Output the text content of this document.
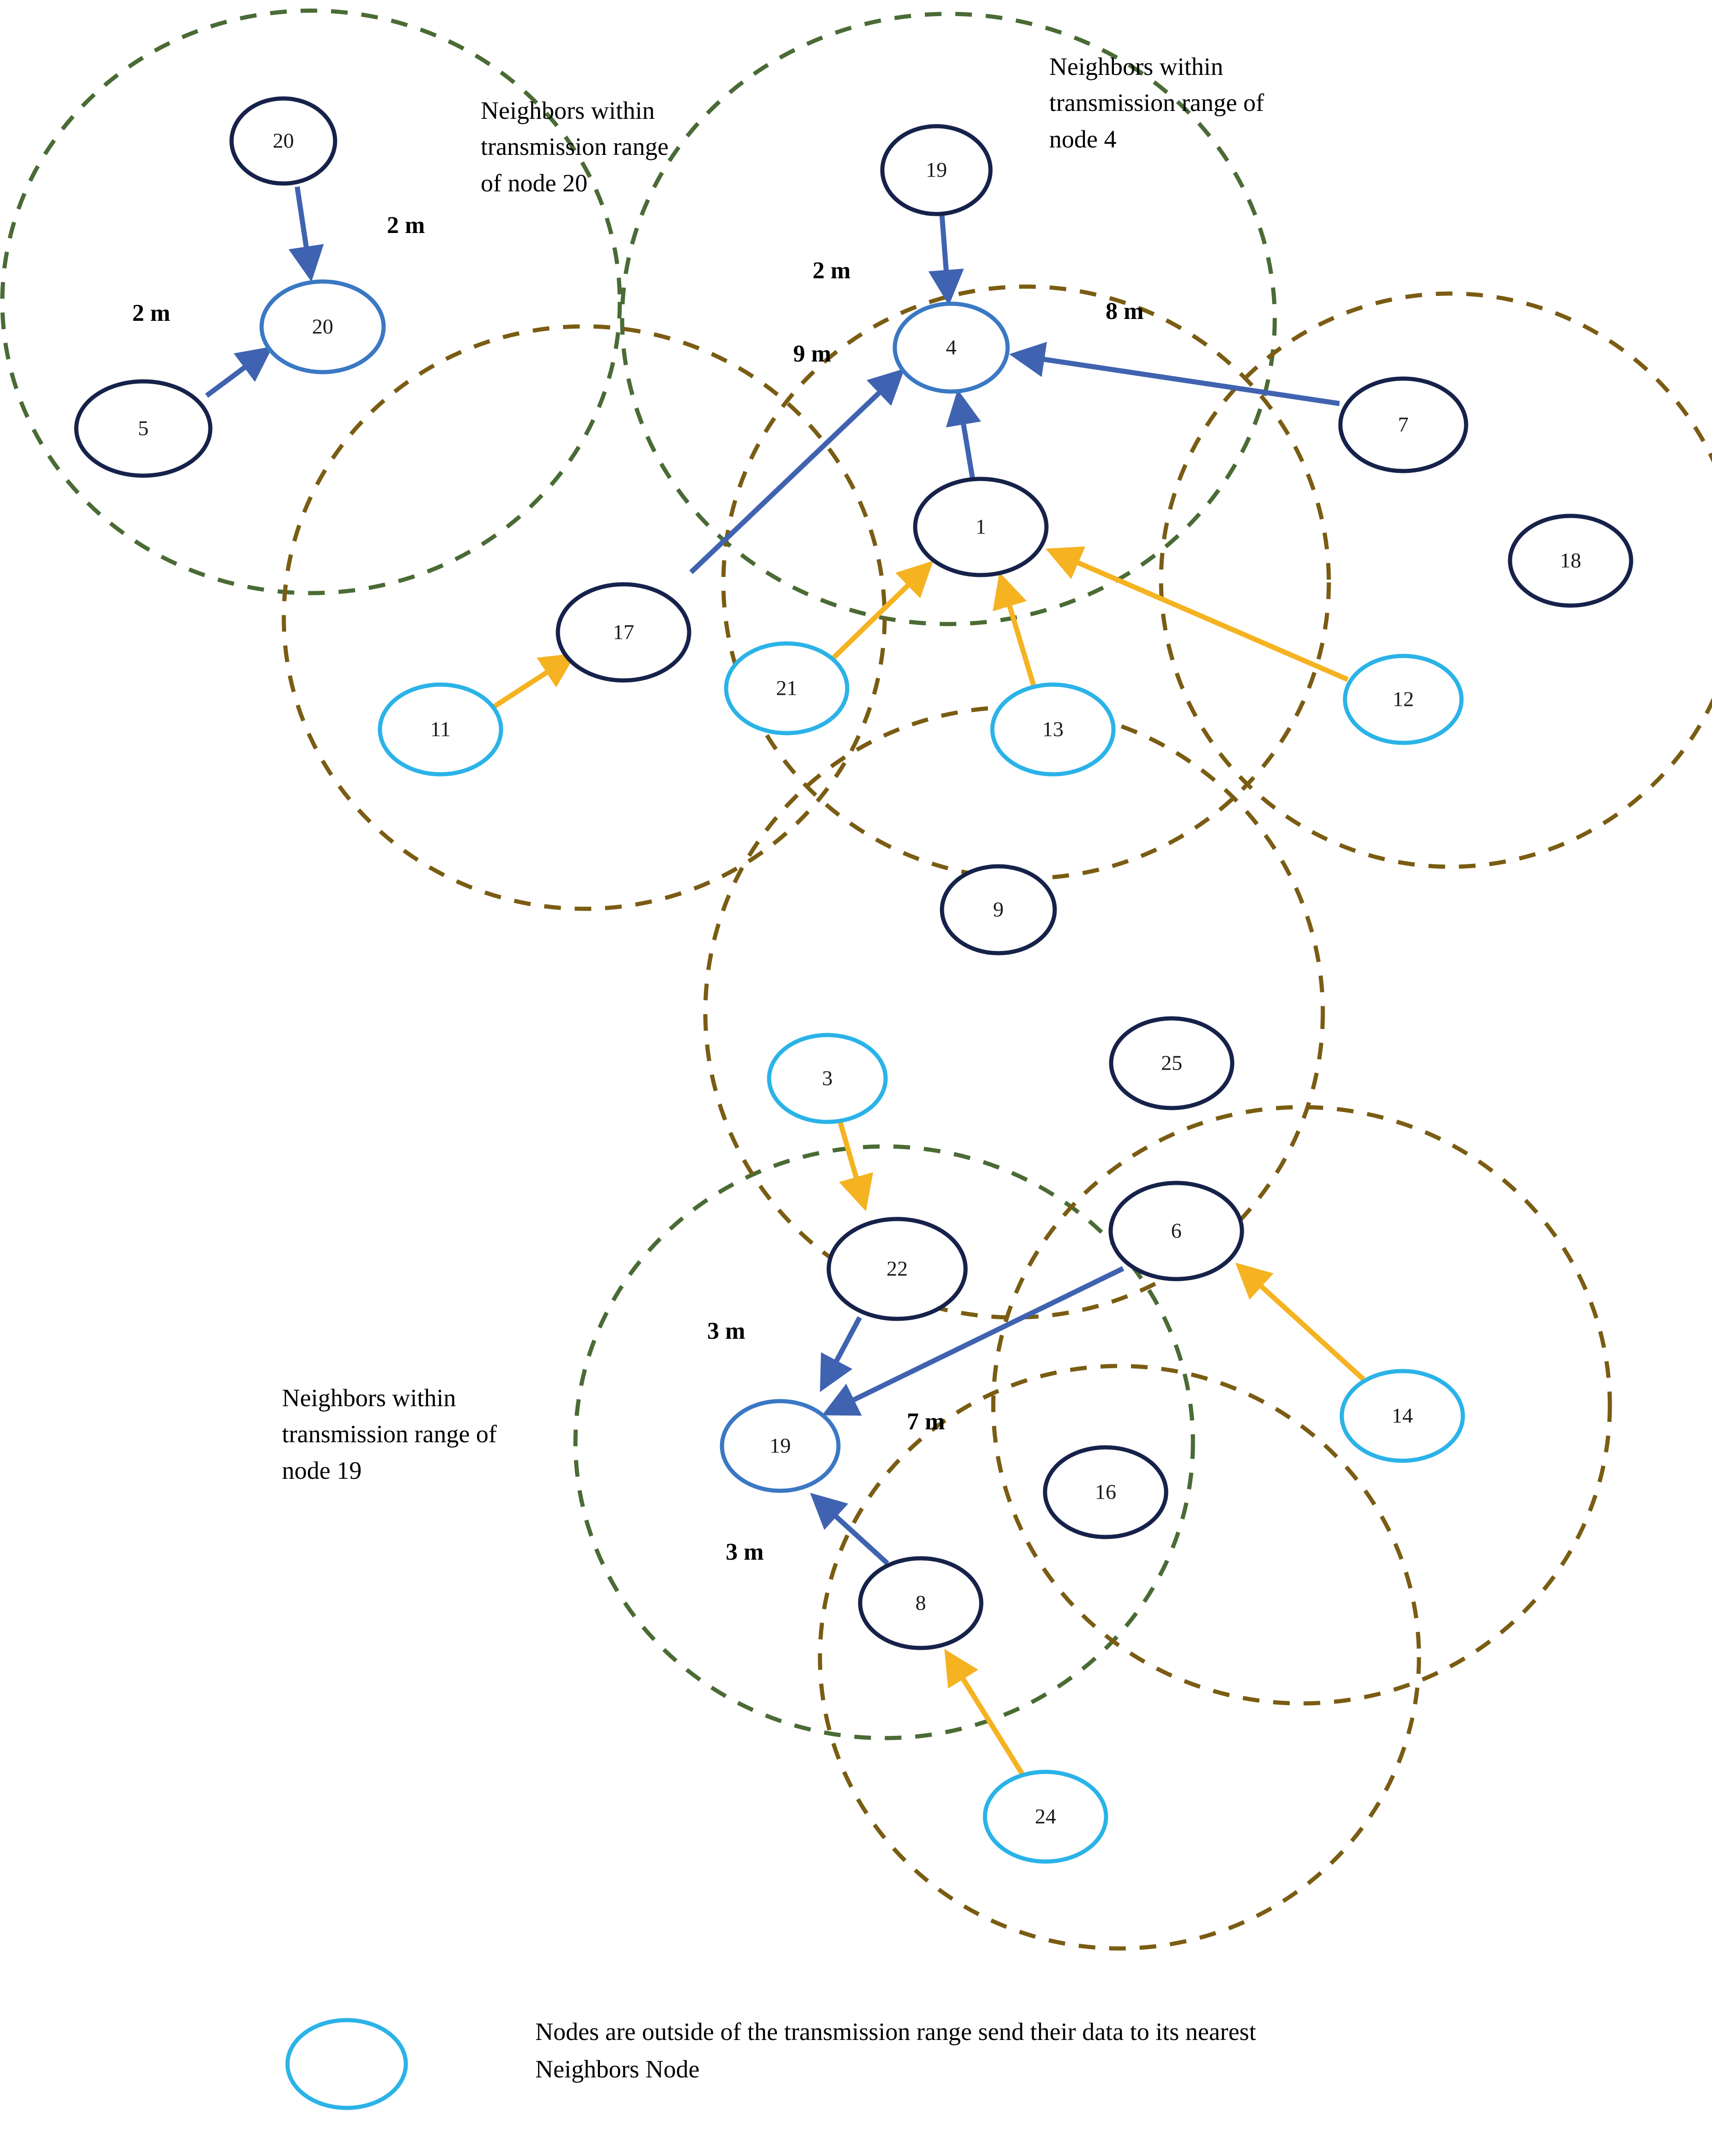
20
20
5
19
4
7
18
1
17
11
21
13
12
9
3
25
22
6
14
19
16
8
24
2 m
2 m
2 m
8 m
9 m
3 m
7 m
3 m
Neighbors within
transmission range
of node 20
Neighbors within
transmission range of
node 4
Neighbors within
transmission range of
node 19
Nodes are outside of the transmission range send their data to its nearest
Neighbors Node
